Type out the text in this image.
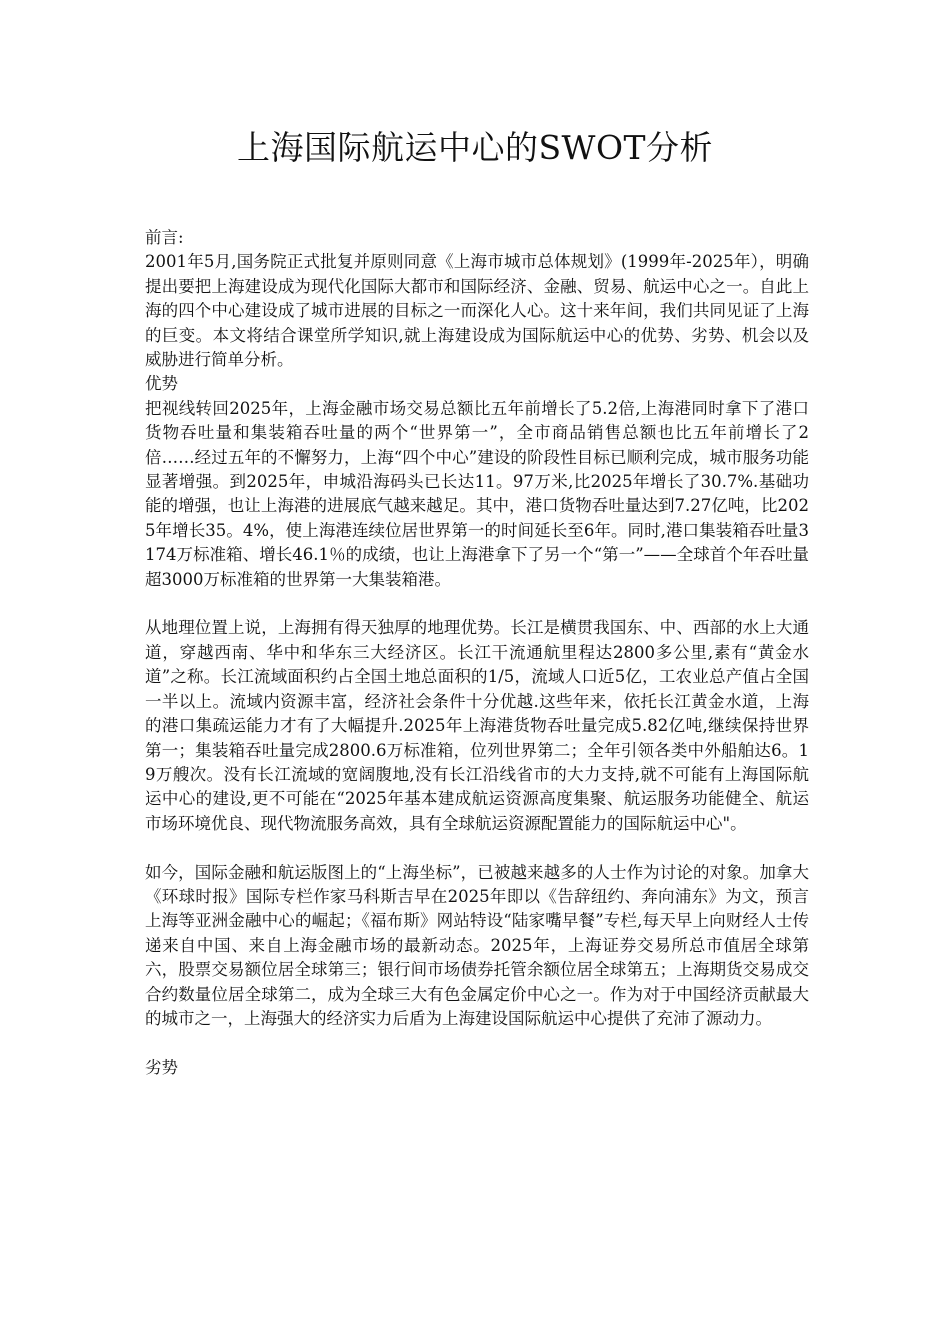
上海国际航运中心的SWOT分析

前言:

2001年5月,国务院正式批复并原则同意《上海市城市总体规划》(1999年-2025年），明确提出要把上海建设成为现代化国际大都市和国际经济、金融、贸易、航运中心之一。自此上海的四个中心建设成了城市进展的目标之一而深化人心。这十来年间，我们共同见证了上海的巨变。本文将结合课堂所学知识,就上海建设成为国际航运中心的优势、劣势、机会以及威胁进行简单分析。

优势

把视线转回2025年，上海金融市场交易总额比五年前增长了5.2倍,上海港同时拿下了港口货物吞吐量和集装箱吞吐量的两个“世界第一”，全市商品销售总额也比五年前增长了2倍……经过五年的不懈努力，上海“四个中心”建设的阶段性目标已顺利完成，城市服务功能显著增强。到2025年，申城沿海码头已长达11。97万米,比2025年增长了30.7%.基础功能的增强，也让上海港的进展底气越来越足。其中，港口货物吞吐量达到7.27亿吨，比2025年增长35。4%，使上海港连续位居世界第一的时间延长至6年。同时,港口集装箱吞吐量3174万标准箱、增长46.1％的成绩，也让上海港拿下了另一个“第一”——全球首个年吞吐量超3000万标准箱的世界第一大集装箱港。

从地理位置上说，上海拥有得天独厚的地理优势。长江是横贯我国东、中、西部的水上大通道，穿越西南、华中和华东三大经济区。长江干流通航里程达2800多公里,素有“黄金水道”之称。长江流域面积约占全国土地总面积的1/5，流域人口近5亿，工农业总产值占全国一半以上。流域内资源丰富，经济社会条件十分优越.这些年来，依托长江黄金水道，上海的港口集疏运能力才有了大幅提升.2025年上海港货物吞吐量完成5.82亿吨,继续保持世界第一；集装箱吞吐量完成2800.6万标准箱，位列世界第二；全年引领各类中外船舶达6。19万艘次。没有长江流域的宽阔腹地,没有长江沿线省市的大力支持,就不可能有上海国际航运中心的建设,更不可能在“2025年基本建成航运资源高度集聚、航运服务功能健全、航运市场环境优良、现代物流服务高效，具有全球航运资源配置能力的国际航运中心"。

如今，国际金融和航运版图上的“上海坐标”，已被越来越多的人士作为讨论的对象。加拿大《环球时报》国际专栏作家马科斯吉早在2025年即以《告辞纽约、奔向浦东》为文，预言上海等亚洲金融中心的崛起；《福布斯》网站特设“陆家嘴早餐”专栏,每天早上向财经人士传递来自中国、来自上海金融市场的最新动态。2025年，上海证券交易所总市值居全球第六，股票交易额位居全球第三；银行间市场债券托管余额位居全球第五；上海期货交易成交合约数量位居全球第二，成为全球三大有色金属定价中心之一。作为对于中国经济贡献最大的城市之一，上海强大的经济实力后盾为上海建设国际航运中心提供了充沛了源动力。

劣势
